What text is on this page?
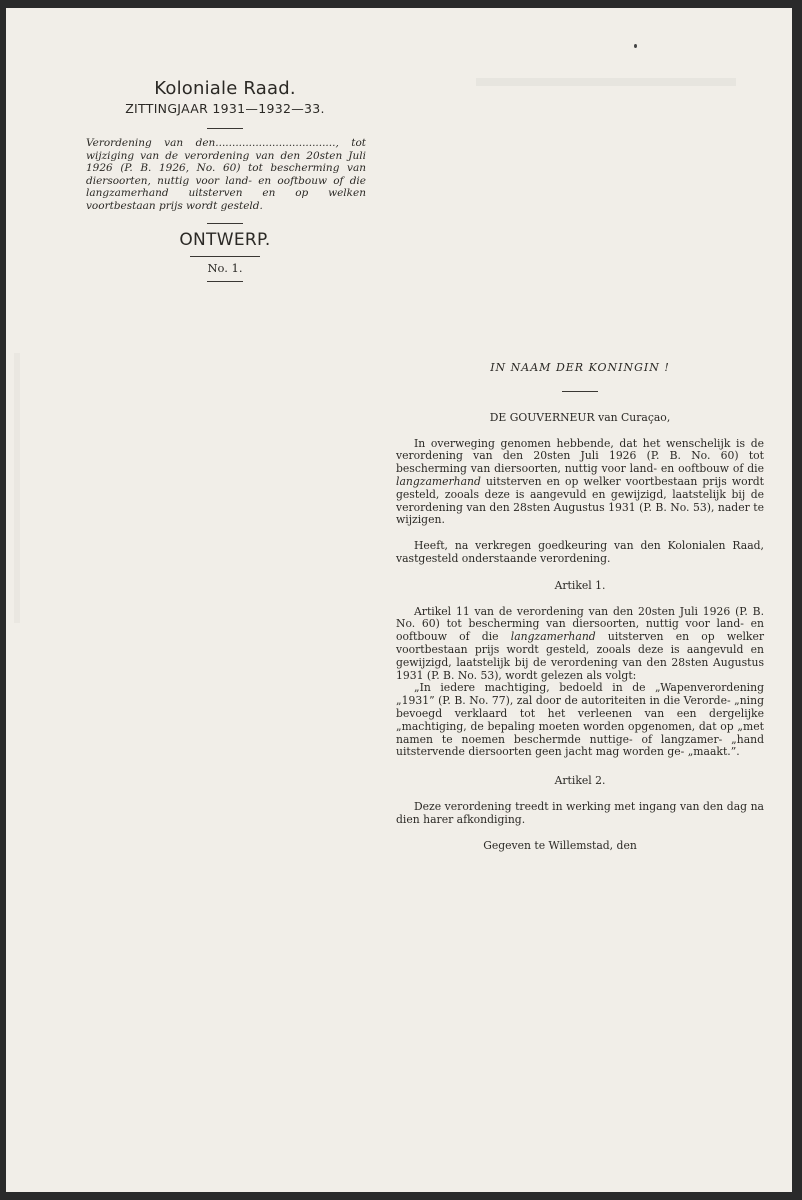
Koloniale Raad.
ZITTINGJAAR 1931—1932—33.

Verordening van den...................................., tot wijziging van de verordening van den 20sten Juli 1926 (P. B. 1926, No. 60) tot bescherming van diersoorten, nuttig voor land- en ooftbouw of die langzamerhand uitsterven en op welken voortbestaan prijs wordt gesteld.

ONTWERP.
No. 1.

IN NAAM DER KONINGIN !

DE GOUVERNEUR van Curaçao,

In overweging genomen hebbende, dat het wenschelijk is de verordening van den 20sten Juli 1926 (P. B. No. 60) tot bescherming van diersoorten, nuttig voor land- en ooftbouw of die langzamerhand uitsterven en op welker voortbestaan prijs wordt gesteld, zooals deze is aangevuld en gewijzigd, laatstelijk bij de verordening van den 28sten Augustus 1931 (P. B. No. 53), nader te wijzigen.

Heeft, na verkregen goedkeuring van den Kolonialen Raad, vastgesteld onderstaande verordening.

Artikel 1.

Artikel 11 van de verordening van den 20sten Juli 1926 (P. B. No. 60) tot bescherming van diersoorten, nuttig voor land- en ooftbouw of die langzamerhand uitsterven en op welker voortbestaan prijs wordt gesteld, zooals deze is aangevuld en gewijzigd, laatstelijk bij de verordening van den 28sten Augustus 1931 (P. B. No. 53), wordt gelezen als volgt:

„In iedere machtiging, bedoeld in de „Wapenverordening „1931” (P. B. No. 77), zal door de autoriteiten in die Verorde- „ning bevoegd verklaard tot het verleenen van een dergelijke „machtiging, de bepaling moeten worden opgenomen, dat op „met namen te noemen beschermde nuttige- of langzamer- „hand uitstervende diersoorten geen jacht mag worden ge- „maakt.”.

Artikel 2.

Deze verordening treedt in werking met ingang van den dag na dien harer afkondiging.

Gegeven te Willemstad, den
